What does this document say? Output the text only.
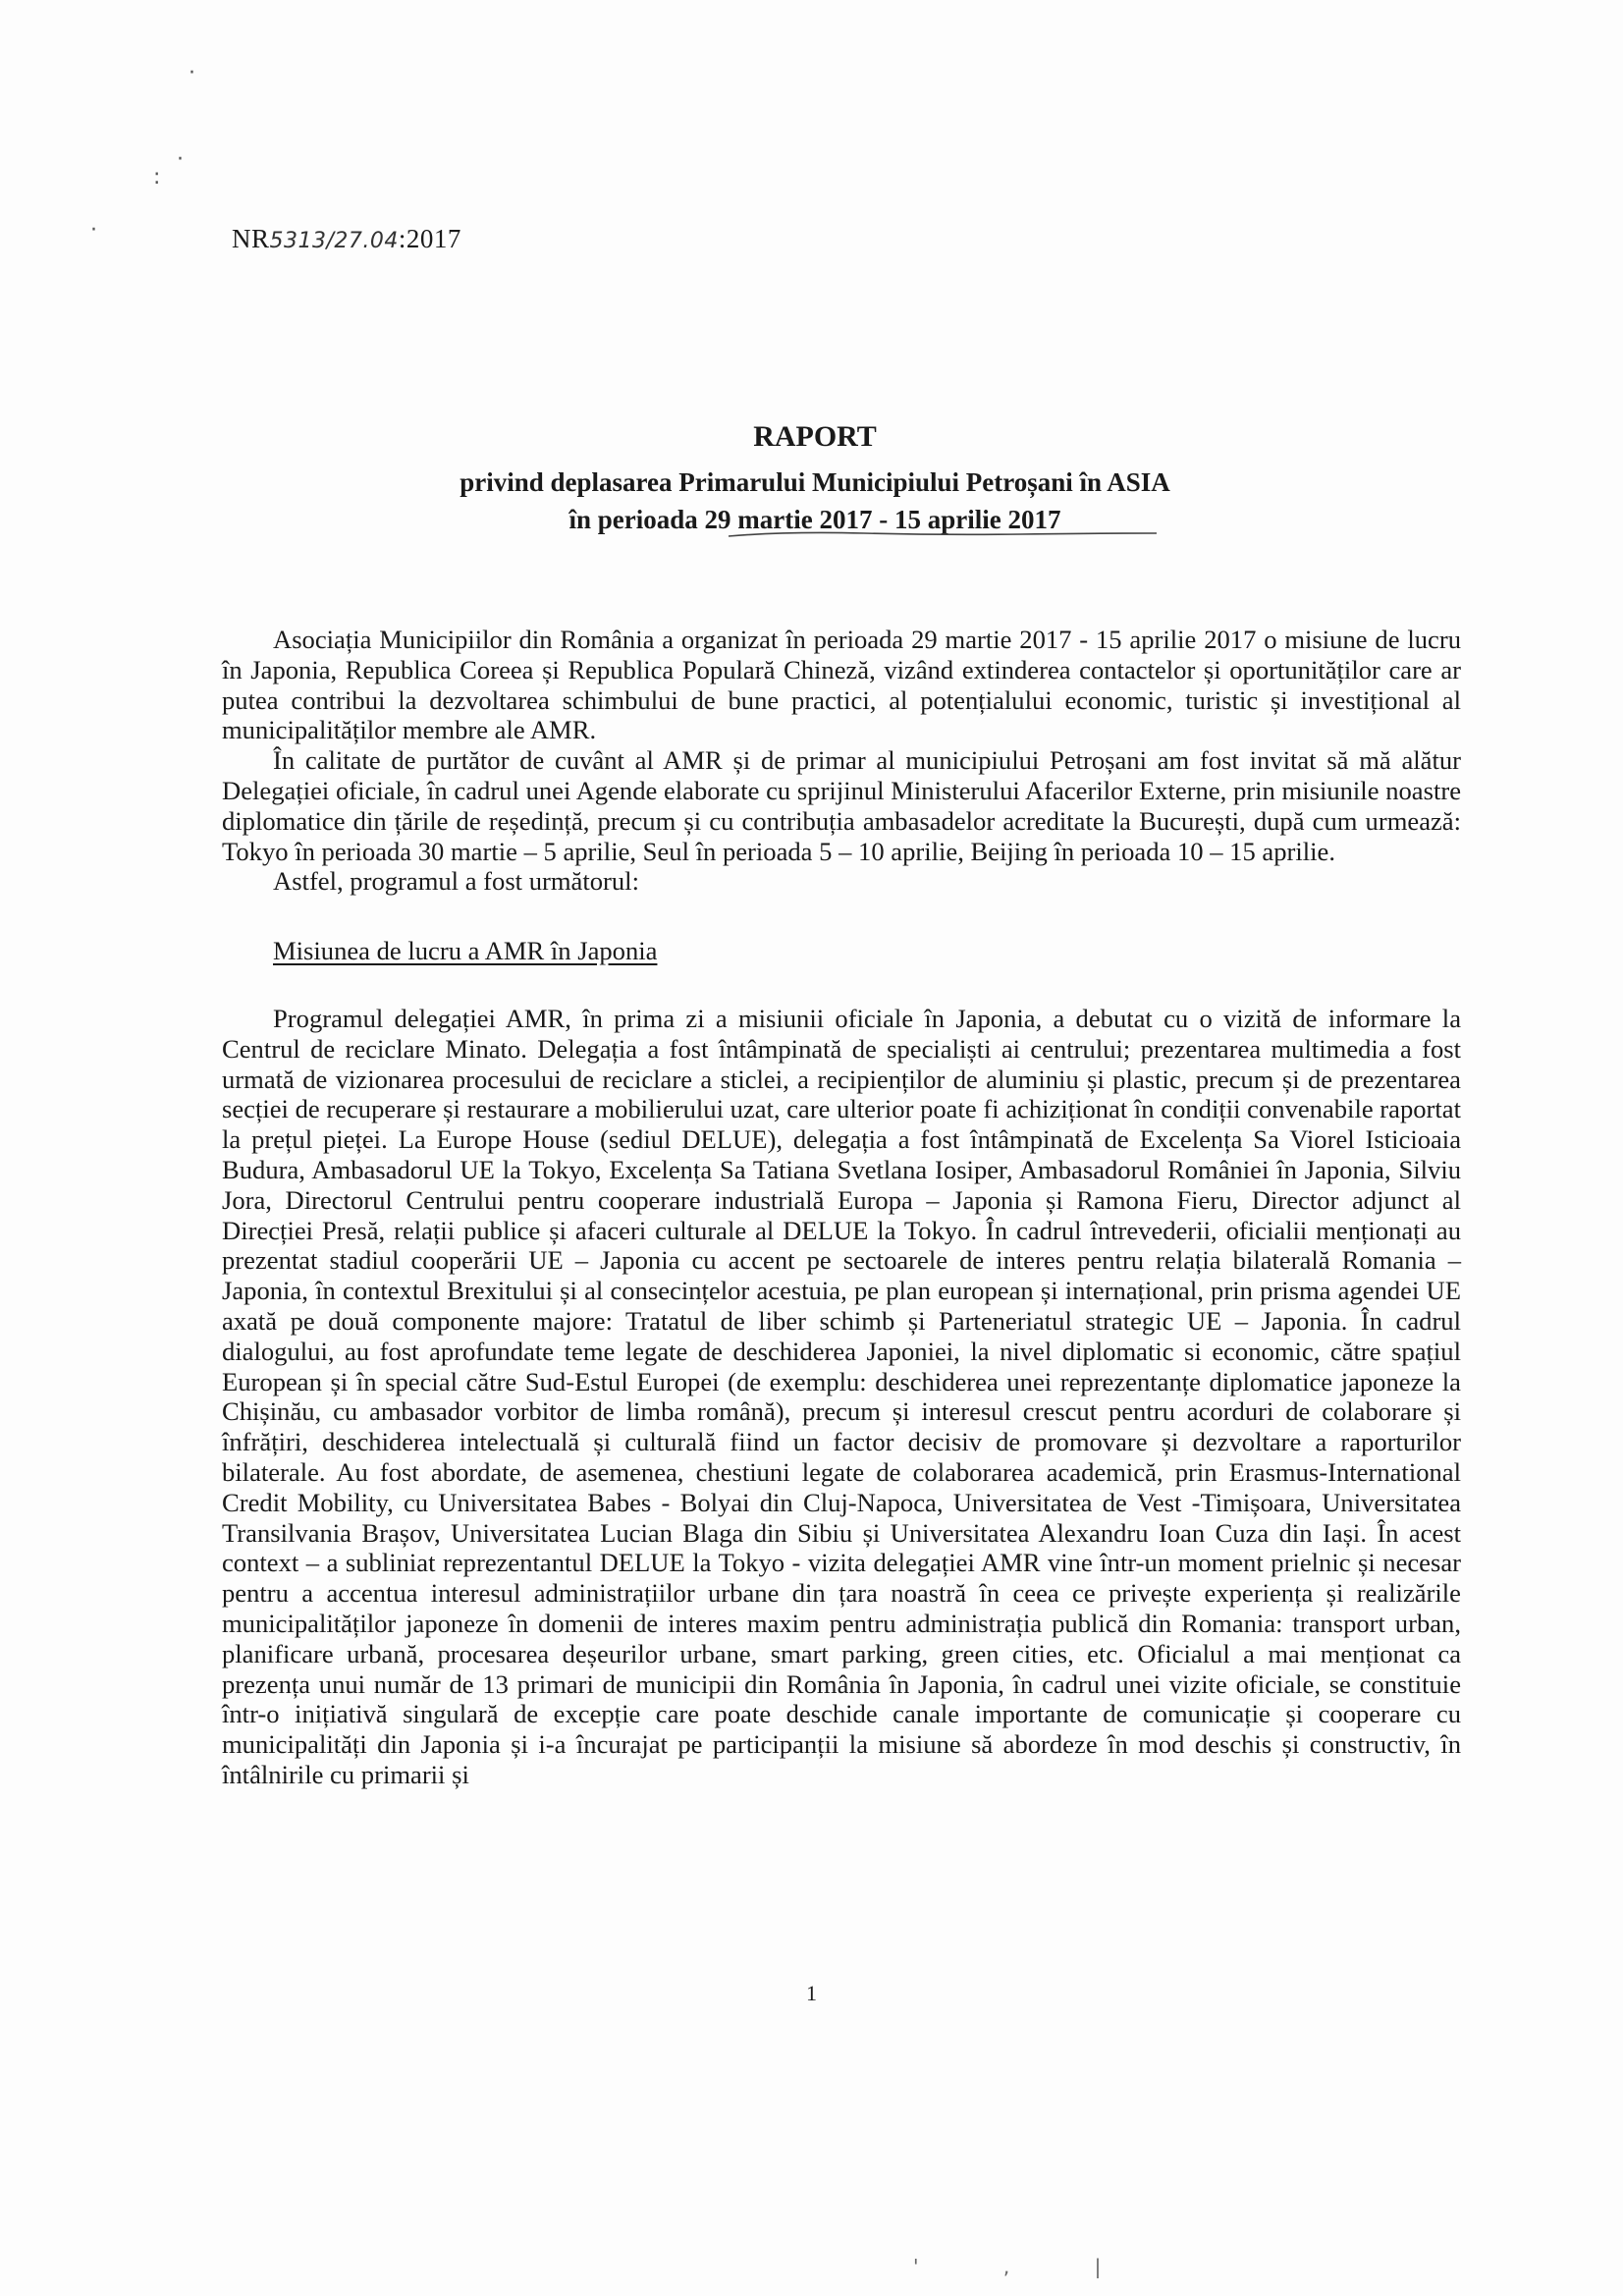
·
·
:
·	NR5313/27.04:2017

RAPORT

privind deplasarea Primarului Municipiului Petroșani în ASIA

în perioada 29 martie 2017 - 15 aprilie 2017

Asociația Municipiilor din România a organizat în perioada 29 martie 2017 - 15 aprilie 2017 o misiune de lucru în Japonia, Republica Coreea și Republica Populară Chineză, vizând extinderea contactelor și oportunităților care ar putea contribui la dezvoltarea schimbului de bune practici, al potențialului economic, turistic și investițional al municipalităților membre ale AMR.

În calitate de purtător de cuvânt al AMR și de primar al municipiului Petroșani am fost invitat să mă alătur Delegației oficiale, în cadrul unei Agende elaborate cu sprijinul Ministerului Afacerilor Externe, prin misiunile noastre diplomatice din țările de reședință, precum și cu contribuția ambasadelor acreditate la București, după cum urmează: Tokyo în perioada 30 martie – 5 aprilie, Seul în perioada 5 – 10 aprilie, Beijing în perioada 10 – 15 aprilie.

Astfel, programul a fost următorul:

Misiunea de lucru a AMR în Japonia

Programul delegației AMR, în prima zi a misiunii oficiale în Japonia, a debutat cu o vizită de informare la Centrul de reciclare Minato. Delegația a fost întâmpinată de specialiști ai centrului; prezentarea multimedia a fost urmată de vizionarea procesului de reciclare a sticlei, a recipienților de aluminiu și plastic, precum și de prezentarea secției de recuperare și restaurare a mobilierului uzat, care ulterior poate fi achiziționat în condiții convenabile raportat la prețul pieței. La Europe House (sediul DELUE), delegația a fost întâmpinată de Excelența Sa Viorel Isticioaia Budura, Ambasadorul UE la Tokyo, Excelența Sa Tatiana Svetlana Iosiper, Ambasadorul României în Japonia, Silviu Jora, Directorul Centrului pentru cooperare industrială Europa – Japonia și Ramona Fieru, Director adjunct al Direcției Presă, relații publice și afaceri culturale al DELUE la Tokyo. În cadrul întrevederii, oficialii menționați au prezentat stadiul cooperării UE – Japonia cu accent pe sectoarele de interes pentru relația bilaterală Romania – Japonia, în contextul Brexitului și al consecințelor acestuia, pe plan european și internațional, prin prisma agendei UE axată pe două componente majore: Tratatul de liber schimb și Parteneriatul strategic UE – Japonia. În cadrul dialogului, au fost aprofundate teme legate de deschiderea Japoniei, la nivel diplomatic si economic, către spațiul European și în special către Sud-Estul Europei (de exemplu: deschiderea unei reprezentanțe diplomatice japoneze la Chișinău, cu ambasador vorbitor de limba română), precum și interesul crescut pentru acorduri de colaborare și înfrățiri, deschiderea intelectuală și culturală fiind un factor decisiv de promovare și dezvoltare a raporturilor bilaterale. Au fost abordate, de asemenea, chestiuni legate de colaborarea academică, prin Erasmus-International Credit Mobility, cu Universitatea Babes - Bolyai din Cluj-Napoca, Universitatea de Vest -Timișoara, Universitatea Transilvania Brașov, Universitatea Lucian Blaga din Sibiu și Universitatea Alexandru Ioan Cuza din Iași. În acest context – a subliniat reprezentantul DELUE la Tokyo - vizita delegației AMR vine într-un moment prielnic și necesar pentru a accentua interesul administrațiilor urbane din țara noastră în ceea ce privește experiența și realizările municipalităților japoneze în domenii de interes maxim pentru administrația publică din Romania: transport urban, planificare urbană, procesarea deșeurilor urbane, smart parking, green cities, etc. Oficialul a mai menționat ca prezența unui număr de 13 primari de municipii din România în Japonia, în cadrul unei vizite oficiale, se constituie într-o inițiativă singulară de excepție care poate deschide canale importante de comunicație și cooperare cu municipalități din Japonia și i-a încurajat pe participanții la misiune să abordeze în mod deschis și constructiv, în întâlnirile cu primarii și

1
' , |
